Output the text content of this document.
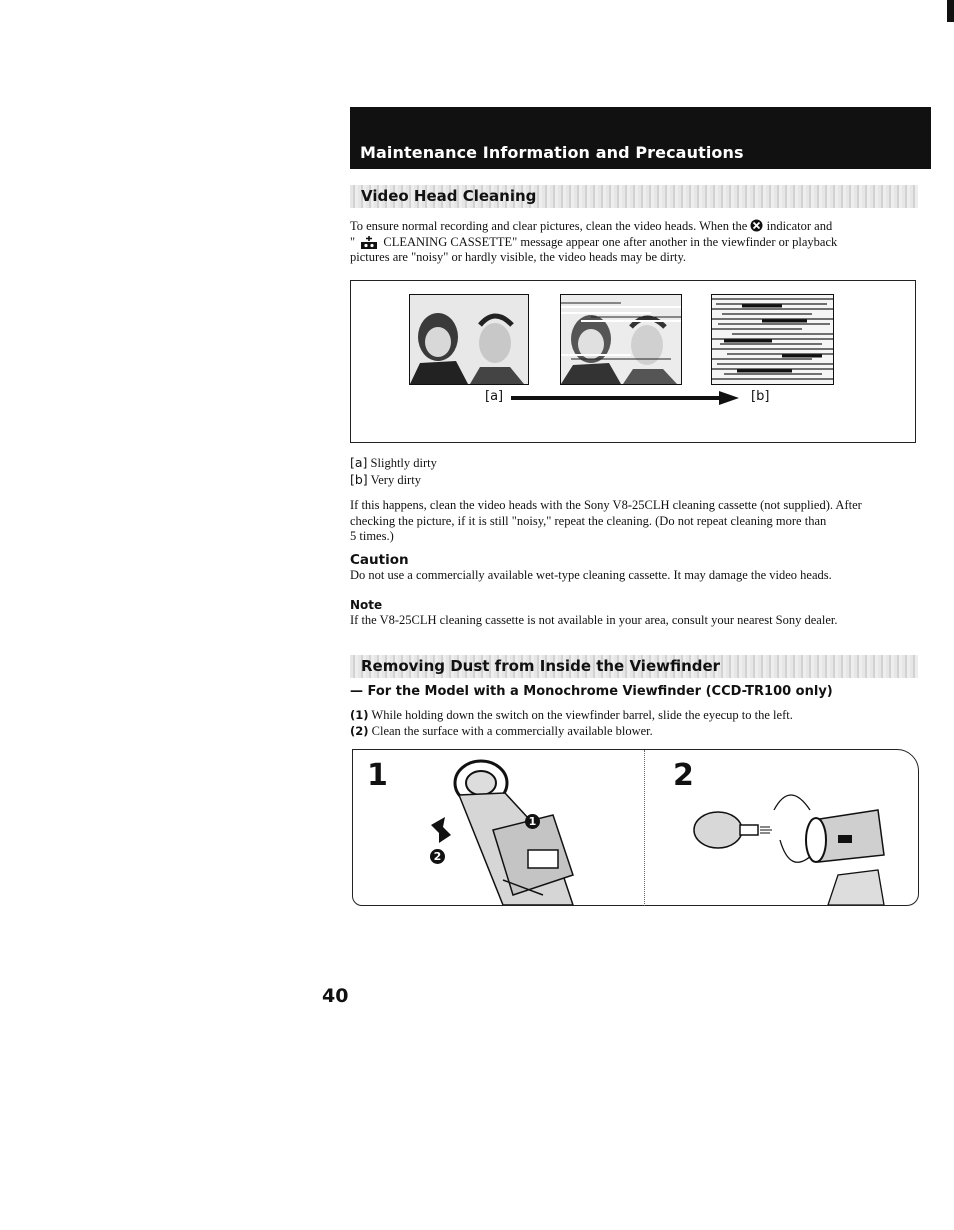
Maintenance Information and Precautions
Video Head Cleaning
To ensure normal recording and clear pictures, clean the video heads. When the indicator and
" CLEANING CASSETTE" message appear one after another in the viewfinder or playback
pictures are "noisy" or hardly visible, the video heads may be dirty.
[a]	[b]
[a] Slightly dirty
[b] Very dirty
If this happens, clean the video heads with the Sony V8-25CLH cleaning cassette (not supplied). After
checking the picture, if it is still "noisy," repeat the cleaning. (Do not repeat cleaning more than
5 times.)
Caution
Do not use a commercially available wet-type cleaning cassette. It may damage the video heads.
Note
If the V8-25CLH cleaning cassette is not available in your area, consult your nearest Sony dealer.
Removing Dust from Inside the Viewfinder
— For the Model with a Monochrome Viewfinder (CCD-TR100 only)
(1) While holding down the switch on the viewfinder barrel, slide the eyecup to the left.
(2) Clean the surface with a commercially available blower.
1	2
1
2
40
